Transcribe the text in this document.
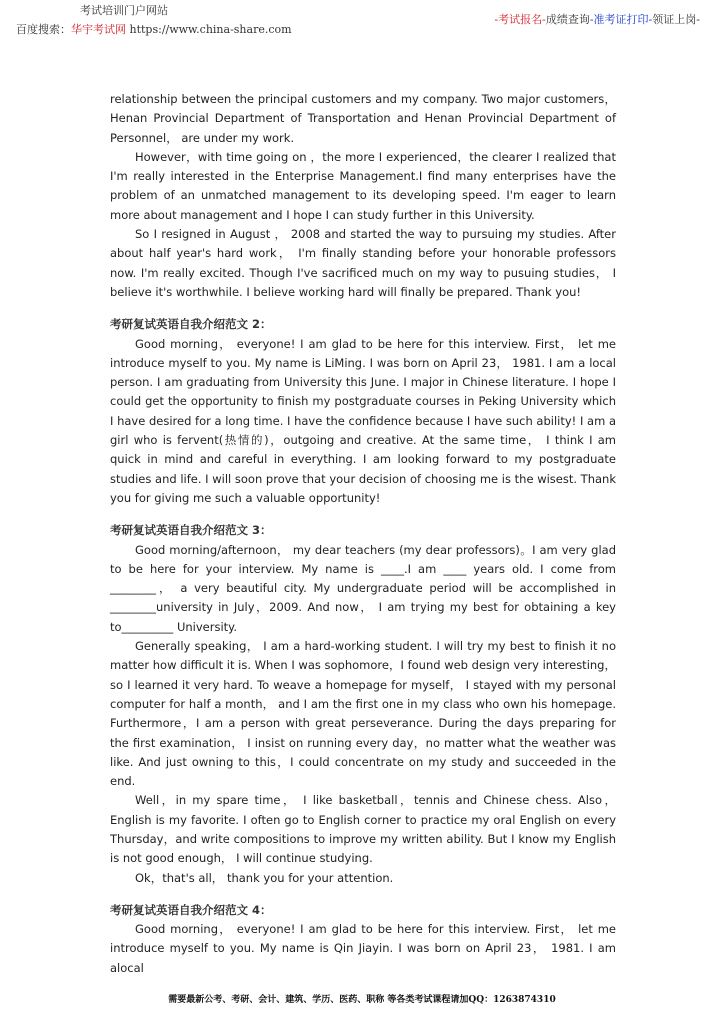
考试培训门户网站
百度搜索：华宇考试网 https://www.china-share.com
-考试报名-成绩查询-准考证打印-领证上岗-

relationship between the principal customers and my company. Two major customers，Henan Provincial Department of Transportation and Henan Provincial Department of Personnel， are under my work.

However，with time going on ，the more I experienced，the clearer I realized that I'm really interested in the Enterprise Management.I find many enterprises have the problem of an unmatched management to its developing speed. I'm eager to learn more about management and I hope I can study further in this University.

So I resigned in August ， 2008 and started the way to pursuing my studies. After about half year's hard work， I'm finally standing before your honorable professors now. I'm really excited. Though I've sacrificed much on my way to pusuing studies， I believe it's worthwhile. I believe working hard will finally be prepared. Thank you!

考研复试英语自我介绍范文 2：

Good morning， everyone! I am glad to be here for this interview. First， let me introduce myself to you. My name is LiMing. I was born on April 23， 1981. I am a local person. I am graduating from University this June. I major in Chinese literature. I hope I could get the opportunity to finish my postgraduate courses in Peking University which I have desired for a long time. I have the confidence because I have such ability! I am a girl who is fervent(热情的)，outgoing and creative. At the same time， I think I am quick in mind and careful in everything. I am looking forward to my postgraduate studies and life. I will soon prove that your decision of choosing me is the wisest. Thank you for giving me such a valuable opportunity!

考研复试英语自我介绍范文 3：

Good morning/afternoon， my dear teachers (my dear professors)。I am very glad to be here for your interview. My name is ____.I am ____ years old. I come from ________， a very beautiful city. My undergraduate period will be accomplished in ________university in July，2009. And now， I am trying my best for obtaining a key to_________ University.

Generally speaking， I am a hard-working student. I will try my best to finish it no matter how difficult it is. When I was sophomore，I found web design very interesting， so I learned it very hard. To weave a homepage for myself， I stayed with my personal computer for half a month， and I am the first one in my class who own his homepage. Furthermore，I am a person with great perseverance. During the days preparing for the first examination， I insist on running every day，no matter what the weather was like. And just owning to this，I could concentrate on my study and succeeded in the end.

Well，in my spare time， I like basketball，tennis and Chinese chess. Also， English is my favorite. I often go to English corner to practice my oral English on every Thursday，and write compositions to improve my written ability. But I know my English is not good enough， I will continue studying.

Ok，that's all， thank you for your attention.

考研复试英语自我介绍范文 4：

Good morning， everyone! I am glad to be here for this interview. First， let me introduce myself to you. My name is Qin Jiayin. I was born on April 23， 1981. I am alocal

需要最新公考、考研、会计、建筑、学历、医药、职称 等各类考试课程请加QQ：1263874310
